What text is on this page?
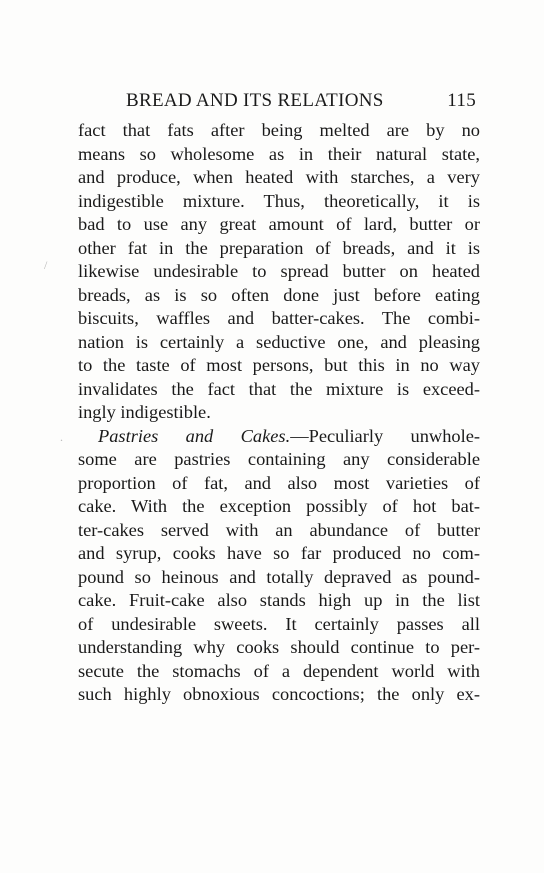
BREAD AND ITS RELATIONS	115
fact that fats after being melted are by no
means so wholesome as in their natural state,
and produce, when heated with starches, a very
indigestible mixture. Thus, theoretically, it is
bad to use any great amount of lard, butter or
other fat in the preparation of breads, and it is
likewise undesirable to spread butter on heated
breads, as is so often done just before eating
biscuits, waffles and batter-cakes. The combi-
nation is certainly a seductive one, and pleasing
to the taste of most persons, but this in no way
invalidates the fact that the mixture is exceed-
ingly indigestible.
Pastries and Cakes.—Peculiarly unwhole-
some are pastries containing any considerable
proportion of fat, and also most varieties of
cake. With the exception possibly of hot bat-
ter-cakes served with an abundance of butter
and syrup, cooks have so far produced no com-
pound so heinous and totally depraved as pound-
cake. Fruit-cake also stands high up in the list
of undesirable sweets. It certainly passes all
understanding why cooks should continue to per-
secute the stomachs of a dependent world with
such highly obnoxious concoctions; the only ex-
/
.
